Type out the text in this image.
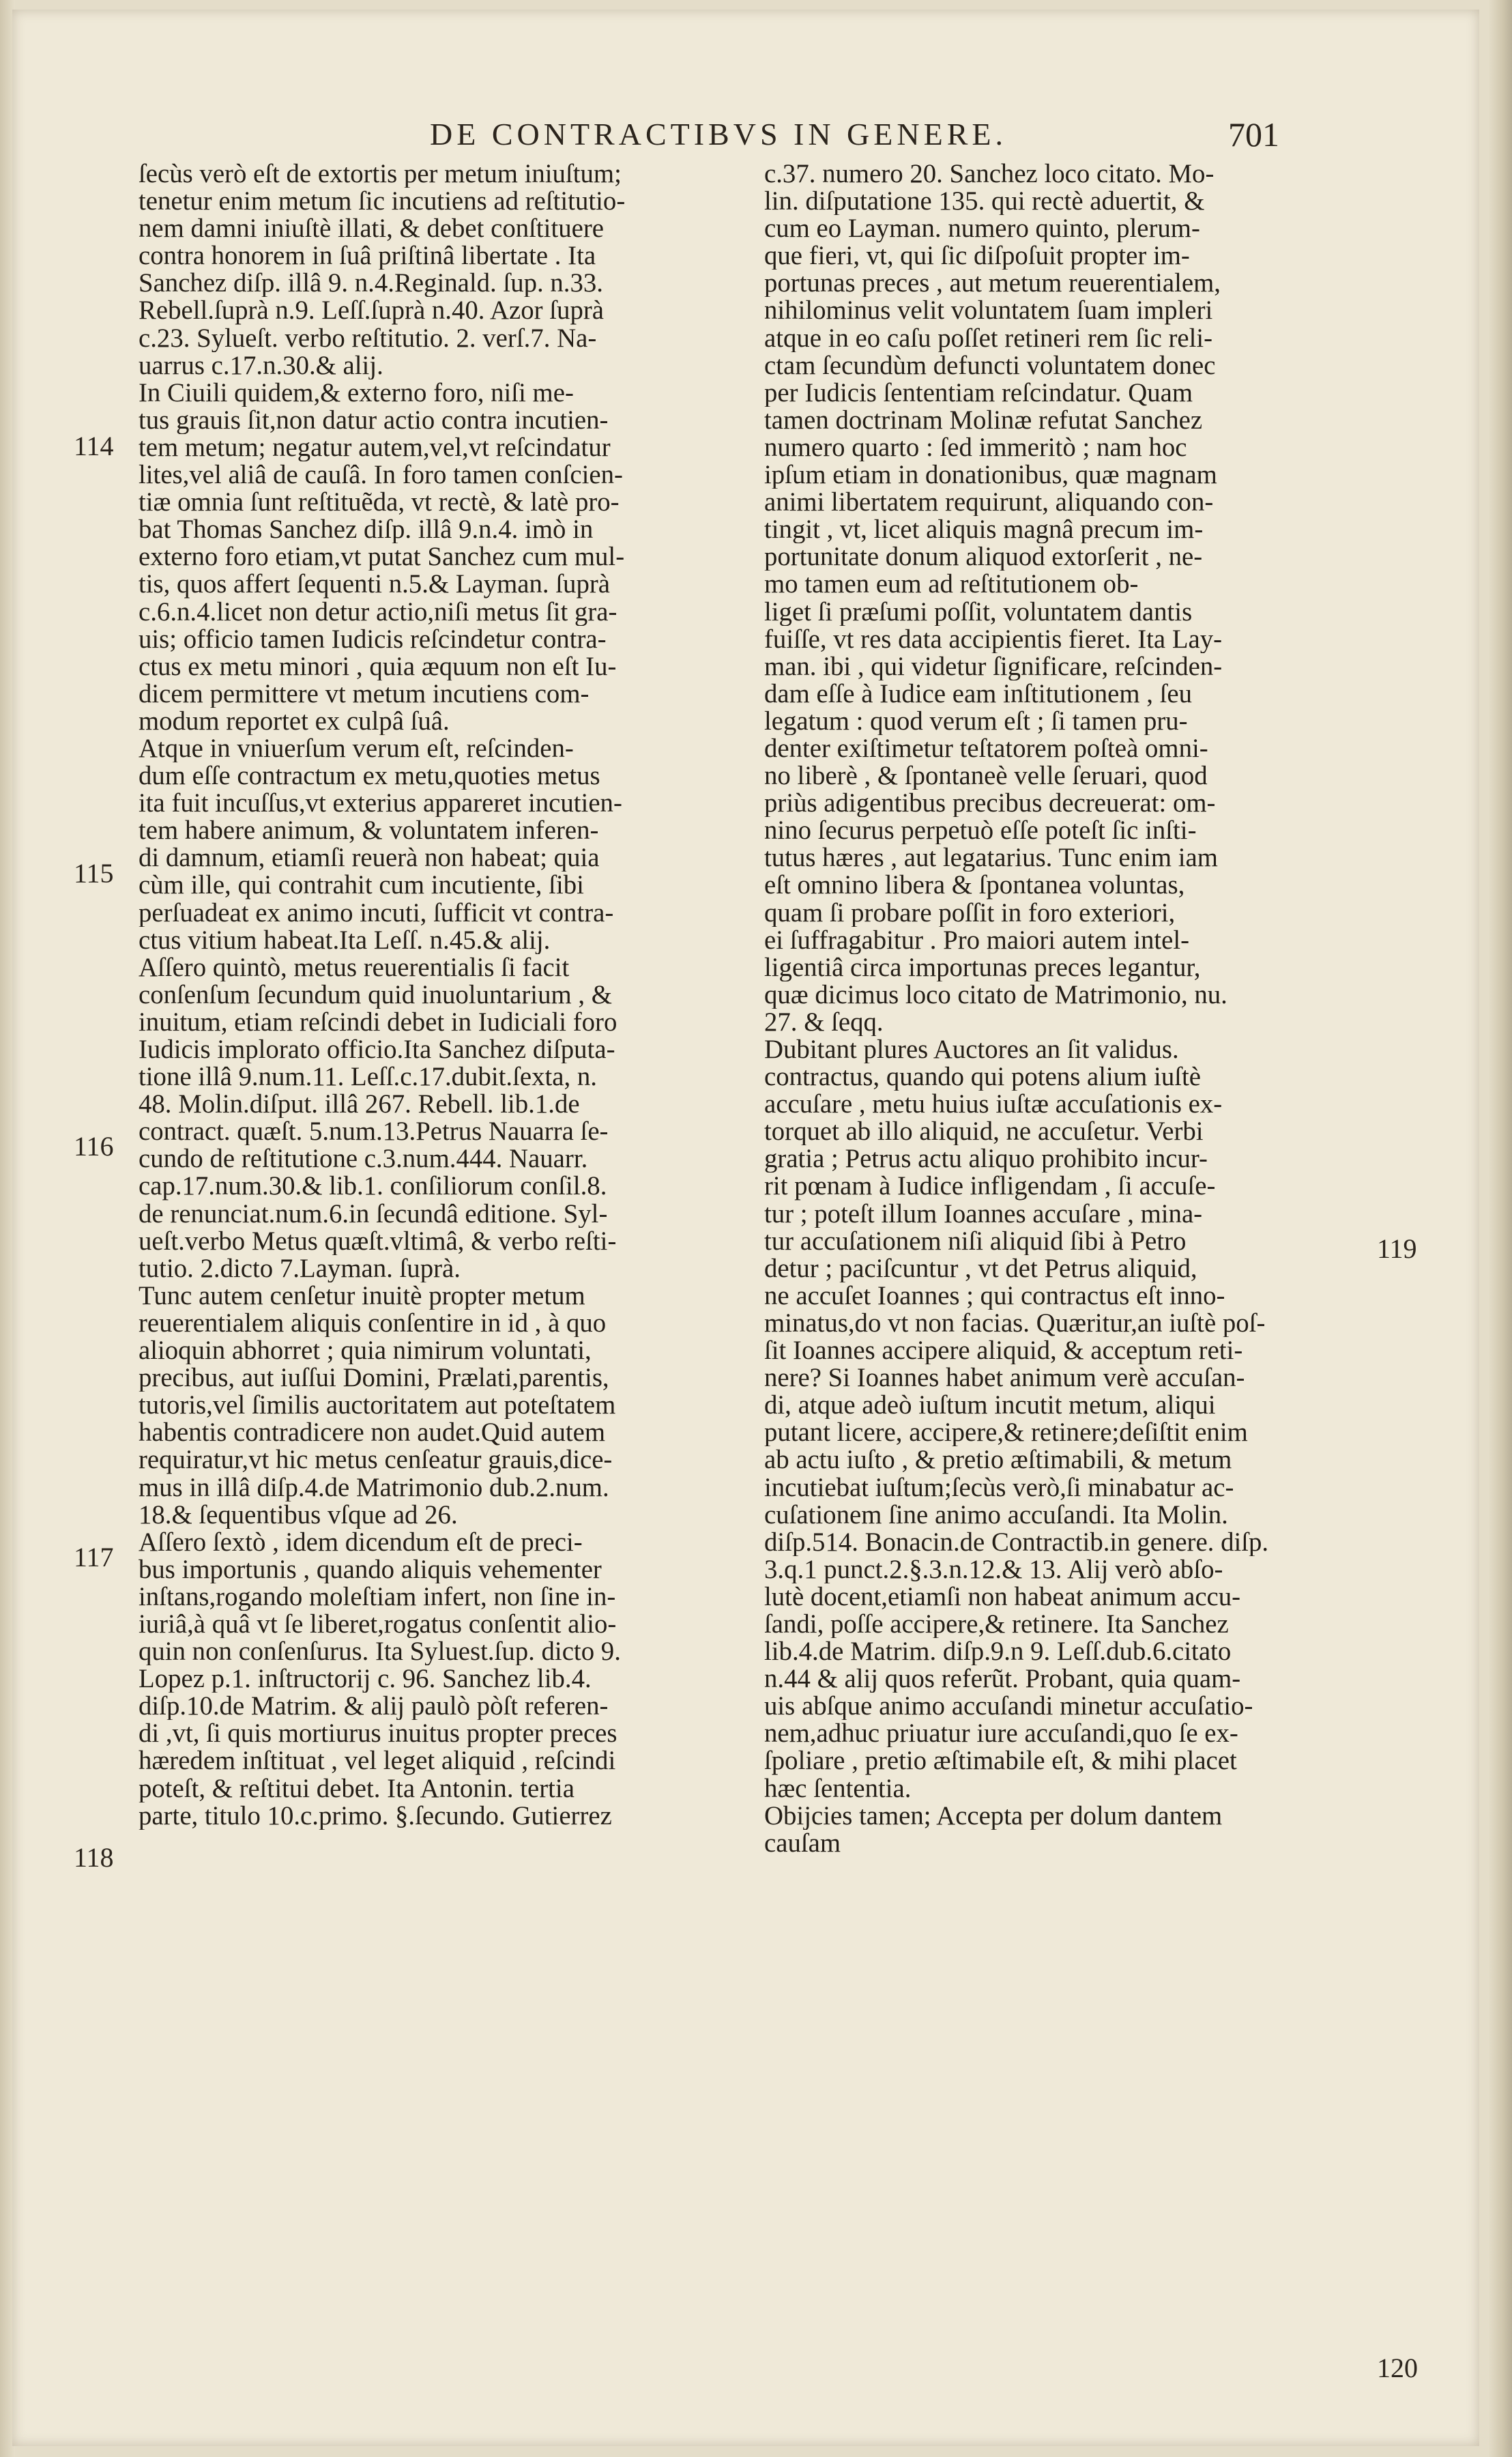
DE CONTRACTIBVS IN GENERE.	701
114
115
116
117
118
119
120
ſecùs verò eſt de extortis per metum iniuſtum;
tenetur enim metum ſic incutiens ad reſtitutio-
nem damni iniuſtè illati, & debet conſtituere
contra honorem in ſuâ priſtinâ libertate . Ita
Sanchez diſp. illâ 9. n.4.Reginald. ſup. n.33.
Rebell.ſuprà n.9. Leſſ.ſuprà n.40. Azor ſuprà
c.23. Sylueſt. verbo reſtitutio. 2. verſ.7. Na-
uarrus c.17.n.30.& alij.
In Ciuili quidem,& externo foro, niſi me-
tus grauis ſit,non datur actio contra incutien-
tem metum; negatur autem,vel,vt reſcindatur
lites,vel aliâ de cauſâ. In foro tamen conſcien-
tiæ omnia ſunt reſtituẽda, vt rectè, & latè pro-
bat Thomas Sanchez diſp. illâ 9.n.4. imò in
externo foro etiam,vt putat Sanchez cum mul-
tis, quos affert ſequenti n.5.& Layman. ſuprà
c.6.n.4.licet non detur actio,niſi metus ſit gra-
uis; officio tamen Iudicis reſcindetur contra-
ctus ex metu minori , quia æquum non eſt Iu-
dicem permittere vt metum incutiens com-
modum reportet ex culpâ ſuâ.
Atque in vniuerſum verum eſt, reſcinden-
dum eſſe contractum ex metu,quoties metus
ita fuit incuſſus,vt exterius appareret incutien-
tem habere animum, & voluntatem inferen-
di damnum, etiamſi reuerà non habeat; quia
cùm ille, qui contrahit cum incutiente, ſibi
perſuadeat ex animo incuti, ſufficit vt contra-
ctus vitium habeat.Ita Leſſ. n.45.& alij.
Aſſero quintò, metus reuerentialis ſi facit
conſenſum ſecundum quid inuoluntarium , &
inuitum, etiam reſcindi debet in Iudiciali foro
Iudicis implorato officio.Ita Sanchez diſputa-
tione illâ 9.num.11. Leſſ.c.17.dubit.ſexta, n.
48. Molin.diſput. illâ 267. Rebell. lib.1.de
contract. quæſt. 5.num.13.Petrus Nauarra ſe-
cundo de reſtitutione c.3.num.444. Nauarr.
cap.17.num.30.& lib.1. conſiliorum conſil.8.
de renunciat.num.6.in ſecundâ editione. Syl-
ueſt.verbo Metus quæſt.vltimâ, & verbo reſti-
tutio. 2.dicto 7.Layman. ſuprà.
Tunc autem cenſetur inuitè propter metum
reuerentialem aliquis conſentire in id , à quo
alioquin abhorret ; quia nimirum voluntati,
precibus, aut iuſſui Domini, Prælati,parentis,
tutoris,vel ſimilis auctoritatem aut poteſtatem
habentis contradicere non audet.Quid autem
requiratur,vt hic metus cenſeatur grauis,dice-
mus in illâ diſp.4.de Matrimonio dub.2.num.
18.& ſequentibus vſque ad 26.
Aſſero ſextò , idem dicendum eſt de preci-
bus importunis , quando aliquis vehementer
inſtans,rogando moleſtiam infert, non ſine in-
iuriâ,à quâ vt ſe liberet,rogatus conſentit alio-
quin non conſenſurus. Ita Syluest.ſup. dicto 9.
Lopez p.1. inſtructorij c. 96. Sanchez lib.4.
diſp.10.de Matrim. & alij paulò pòſt referen-
di ,vt, ſi quis mortiurus inuitus propter preces
hæredem inſtituat , vel leget aliquid , reſcindi
poteſt, & reſtitui debet. Ita Antonin. tertia
parte, titulo 10.c.primo. §.ſecundo. Gutierrez
c.37. numero 20. Sanchez loco citato. Mo-
lin. diſputatione 135. qui rectè aduertit, &
cum eo Layman. numero quinto, plerum-
que fieri, vt, qui ſic diſpoſuit propter im-
portunas preces , aut metum reuerentialem,
nihilominus velit voluntatem ſuam impleri
atque in eo caſu poſſet retineri rem ſic reli-
ctam ſecundùm defuncti voluntatem donec
per Iudicis ſententiam reſcindatur. Quam
tamen doctrinam Molinæ refutat Sanchez
numero quarto : ſed immeritò ; nam hoc
ipſum etiam in donationibus, quæ magnam
animi libertatem requirunt, aliquando con-
tingit , vt, licet aliquis magnâ precum im-
portunitate donum aliquod extorſerit , ne-
mo tamen eum ad reſtitutionem ob-
liget ſi præſumi poſſit, voluntatem dantis
fuiſſe, vt res data accipientis fieret. Ita Lay-
man. ibi , qui videtur ſignificare, reſcinden-
dam eſſe à Iudice eam inſtitutionem , ſeu
legatum : quod verum eſt ; ſi tamen pru-
denter exiſtimetur teſtatorem poſteà omni-
no liberè , & ſpontaneè velle ſeruari, quod
priùs adigentibus precibus decreuerat: om-
nino ſecurus perpetuò eſſe poteſt ſic inſti-
tutus hæres , aut legatarius. Tunc enim iam
eſt omnino libera & ſpontanea voluntas,
quam ſi probare poſſit in foro exteriori,
ei ſuffragabitur . Pro maiori autem intel-
ligentiâ circa importunas preces legantur,
quæ dicimus loco citato de Matrimonio, nu.
27. & ſeqq.
Dubitant plures Auctores an ſit validus.
contractus, quando qui potens alium iuſtè
accuſare , metu huius iuſtæ accuſationis ex-
torquet ab illo aliquid, ne accuſetur. Verbi
gratia ; Petrus actu aliquo prohibito incur-
rit pœnam à Iudice infligendam , ſi accuſe-
tur ; poteſt illum Ioannes accuſare , mina-
tur accuſationem niſi aliquid ſibi à Petro
detur ; paciſcuntur , vt det Petrus aliquid,
ne accuſet Ioannes ; qui contractus eſt inno-
minatus,do vt non facias. Quæritur,an iuſtè poſ-
ſit Ioannes accipere aliquid, & acceptum reti-
nere? Si Ioannes habet animum verè accuſan-
di, atque adeò iuſtum incutit metum, aliqui
putant licere, accipere,& retinere;deſiſtit enim
ab actu iuſto , & pretio æſtimabili, & metum
incutiebat iuſtum;ſecùs verò,ſi minabatur ac-
cuſationem ſine animo accuſandi. Ita Molin.
diſp.514. Bonacin.de Contractib.in genere. diſp.
3.q.1 punct.2.§.3.n.12.& 13. Alij verò abſo-
lutè docent,etiamſi non habeat animum accu-
ſandi, poſſe accipere,& retinere. Ita Sanchez
lib.4.de Matrim. diſp.9.n 9. Leſſ.dub.6.citato
n.44 & alij quos referũt. Probant, quia quam-
uis abſque animo accuſandi minetur accuſatio-
nem,adhuc priuatur iure accuſandi,quo ſe ex-
ſpoliare , pretio æſtimabile eſt, & mihi placet
hæc ſententia.
Obijcies tamen; Accepta per dolum dantem
cauſam
